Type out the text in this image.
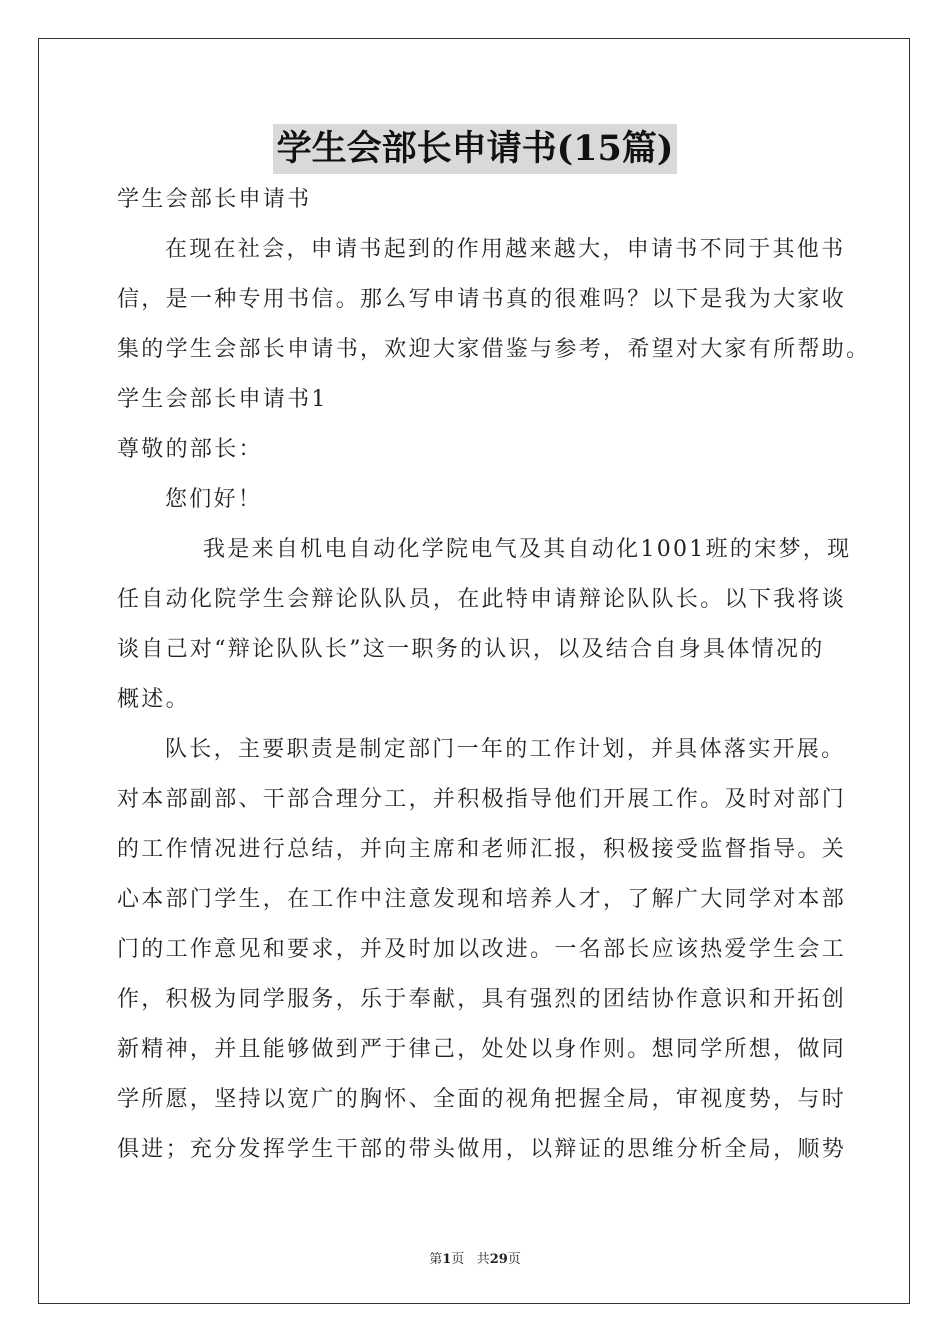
学生会部长申请书(15篇)
学生会部长申请书
在现在社会，申请书起到的作用越来越大，申请书不同于其他书
信，是一种专用书信。那么写申请书真的很难吗？以下是我为大家收
集的学生会部长申请书，欢迎大家借鉴与参考，希望对大家有所帮助。
学生会部长申请书1
尊敬的部长：
您们好！
我是来自机电自动化学院电气及其自动化1001班的宋梦，现
任自动化院学生会辩论队队员，在此特申请辩论队队长。以下我将谈
谈自己对“辩论队队长”这一职务的认识，以及结合自身具体情况的
概述。
队长，主要职责是制定部门一年的工作计划，并具体落实开展。
对本部副部、干部合理分工，并积极指导他们开展工作。及时对部门
的工作情况进行总结，并向主席和老师汇报，积极接受监督指导。关
心本部门学生，在工作中注意发现和培养人才，了解广大同学对本部
门的工作意见和要求，并及时加以改进。一名部长应该热爱学生会工
作，积极为同学服务，乐于奉献，具有强烈的团结协作意识和开拓创
新精神，并且能够做到严于律己，处处以身作则。想同学所想，做同
学所愿，坚持以宽广的胸怀、全面的视角把握全局，审视度势，与时
俱进；充分发挥学生干部的带头做用，以辩证的思维分析全局，顺势
第1页 共29页
